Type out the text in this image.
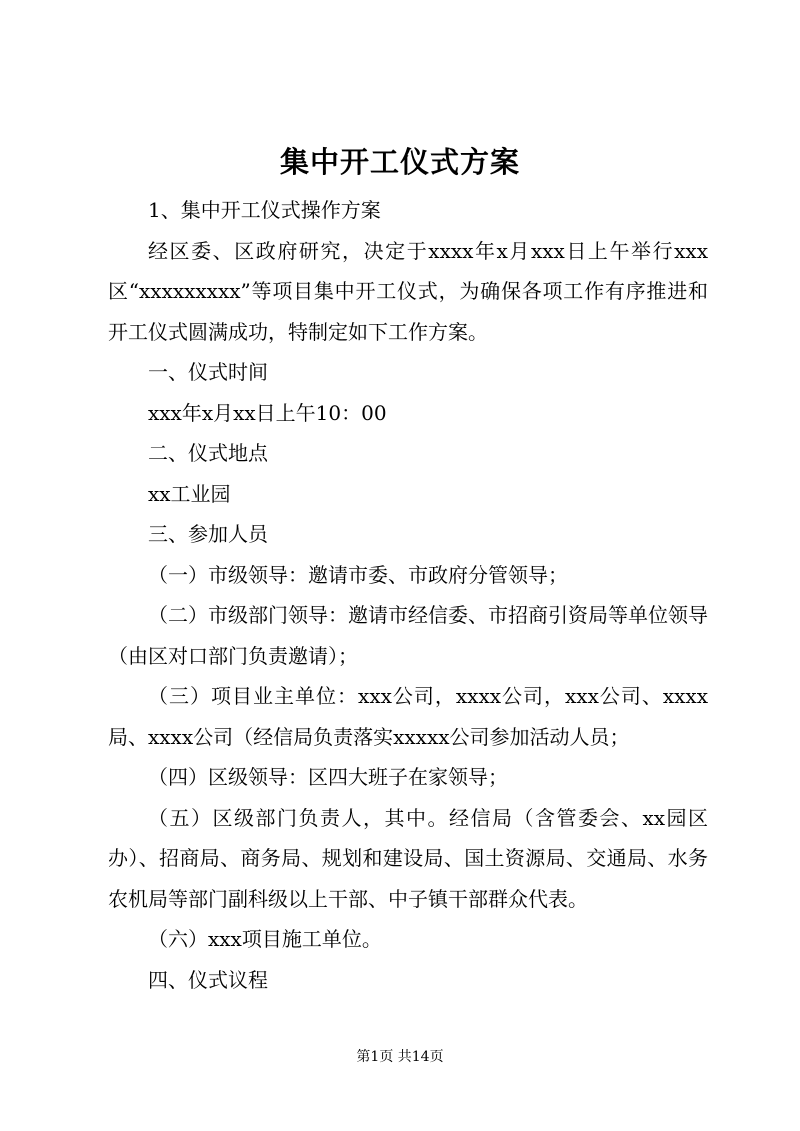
集中开工仪式方案

1、集中开工仪式操作方案

经区委、区政府研究，决定于xxxx年x月xxx日上午举行xxx区“xxxxxxxxx”等项目集中开工仪式，为确保各项工作有序推进和开工仪式圆满成功，特制定如下工作方案。

一、仪式时间

xxx年x月xx日上午10：00

二、仪式地点

xx工业园

三、参加人员

（一）市级领导：邀请市委、市政府分管领导；

（二）市级部门领导：邀请市经信委、市招商引资局等单位领导（由区对口部门负责邀请）；

（三）项目业主单位：xxx公司，xxxx公司，xxx公司、xxxx局、xxxx公司（经信局负责落实xxxxx公司参加活动人员；

（四）区级领导：区四大班子在家领导；

（五）区级部门负责人，其中。经信局（含管委会、xx园区办）、招商局、商务局、规划和建设局、国土资源局、交通局、水务农机局等部门副科级以上干部、中子镇干部群众代表。

（六）xxx项目施工单位。

四、仪式议程

第1页 共14页
